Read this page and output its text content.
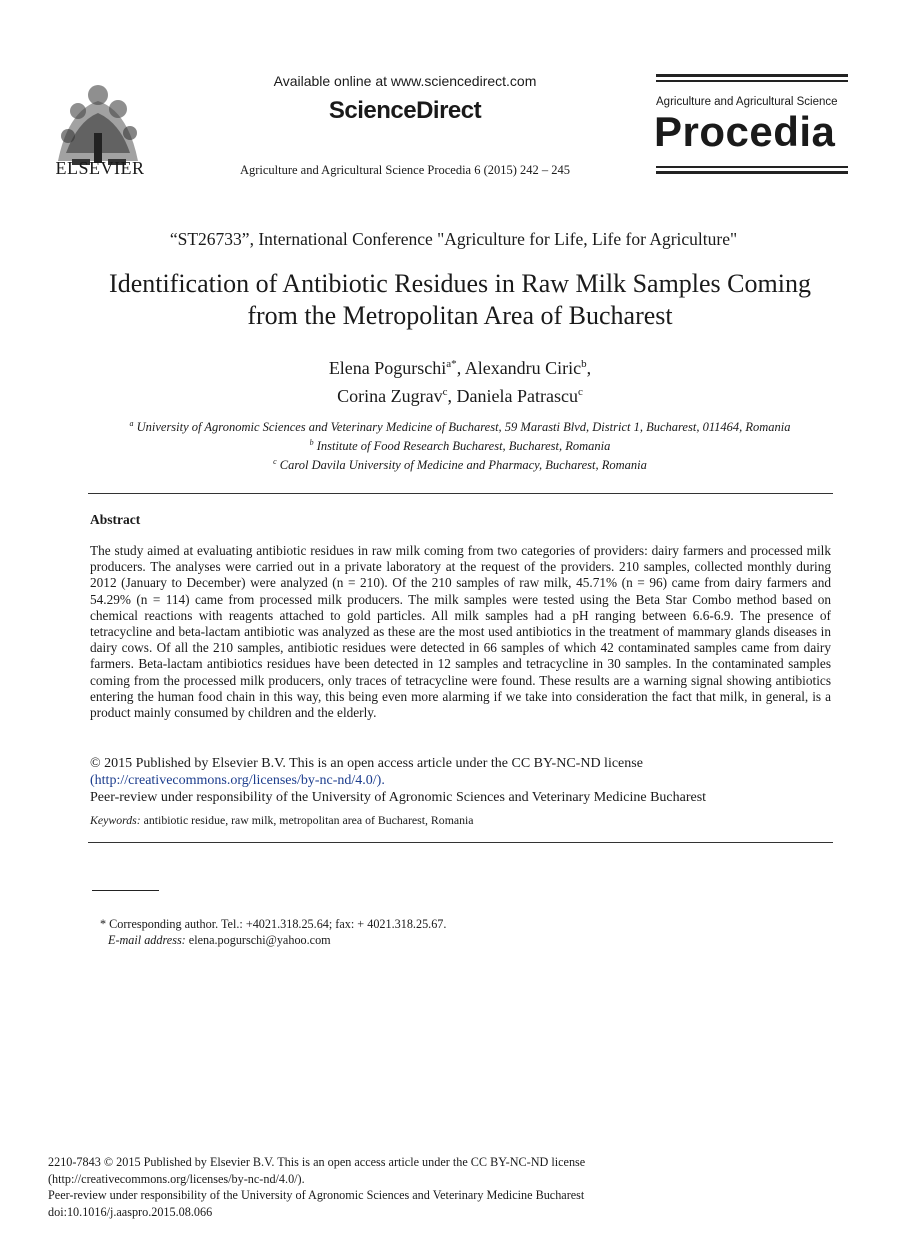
ELSEVIER
Available online at www.sciencedirect.com
ScienceDirect
Agriculture and Agricultural Science Procedia 6 (2015) 242 – 245
Agriculture and Agricultural Science
Procedia
“ST26733”, International Conference "Agriculture for Life, Life for Agriculture"
Identification of Antibiotic Residues in Raw Milk Samples Coming
from the Metropolitan Area of Bucharest
Elena Pogurschi$^{a*}$, Alexandru Ciric$^b$,
Corina Zugrav$^c$, Daniela Patrascu$^c$
$^a$ University of Agronomic Sciences and Veterinary Medicine of Bucharest, 59 Marasti Blvd, District 1, Bucharest, 011464, Romania
$^b$ Institute of Food Research Bucharest, Bucharest, Romania
$^c$ Carol Davila University of Medicine and Pharmacy, Bucharest, Romania
Abstract
The study aimed at evaluating antibiotic residues in raw milk coming from two categories of providers: dairy farmers and processed milk producers. The analyses were carried out in a private laboratory at the request of the providers. 210 samples, collected monthly during 2012 (January to December) were analyzed (n = 210). Of the 210 samples of raw milk, 45.71% (n = 96) came from dairy farmers and 54.29% (n = 114) came from processed milk producers. The milk samples were tested using the Beta Star Combo method based on chemical reactions with reagents attached to gold particles. All milk samples had a pH ranging between 6.6-6.9. The presence of tetracycline and beta-lactam antibiotic was analyzed as these are the most used antibiotics in the treatment of mammary glands diseases in dairy cows. Of all the 210 samples, antibiotic residues were detected in 66 samples of which 42 contaminated samples came from dairy farmers. Beta-lactam antibiotics residues have been detected in 12 samples and tetracycline in 30 samples. In the contaminated samples coming from the processed milk producers, only traces of tetracycline were found. These results are a warning signal showing antibiotics entering the human food chain in this way, this being even more alarming if we take into consideration the fact that milk, in general, is a product mainly consumed by children and the elderly.
© 2015 Published by Elsevier B.V. This is an open access article under the CC BY-NC-ND license
(http://creativecommons.org/licenses/by-nc-nd/4.0/).
Peer-review under responsibility of the University of Agronomic Sciences and Veterinary Medicine Bucharest
Keywords: antibiotic residue, raw milk, metropolitan area of Bucharest, Romania
* Corresponding author. Tel.: +4021.318.25.64; fax: + 4021.318.25.67.
E-mail address: elena.pogurschi@yahoo.com
2210-7843 © 2015 Published by Elsevier B.V. This is an open access article under the CC BY-NC-ND license
(http://creativecommons.org/licenses/by-nc-nd/4.0/).
Peer-review under responsibility of the University of Agronomic Sciences and Veterinary Medicine Bucharest
doi:10.1016/j.aaspro.2015.08.066
